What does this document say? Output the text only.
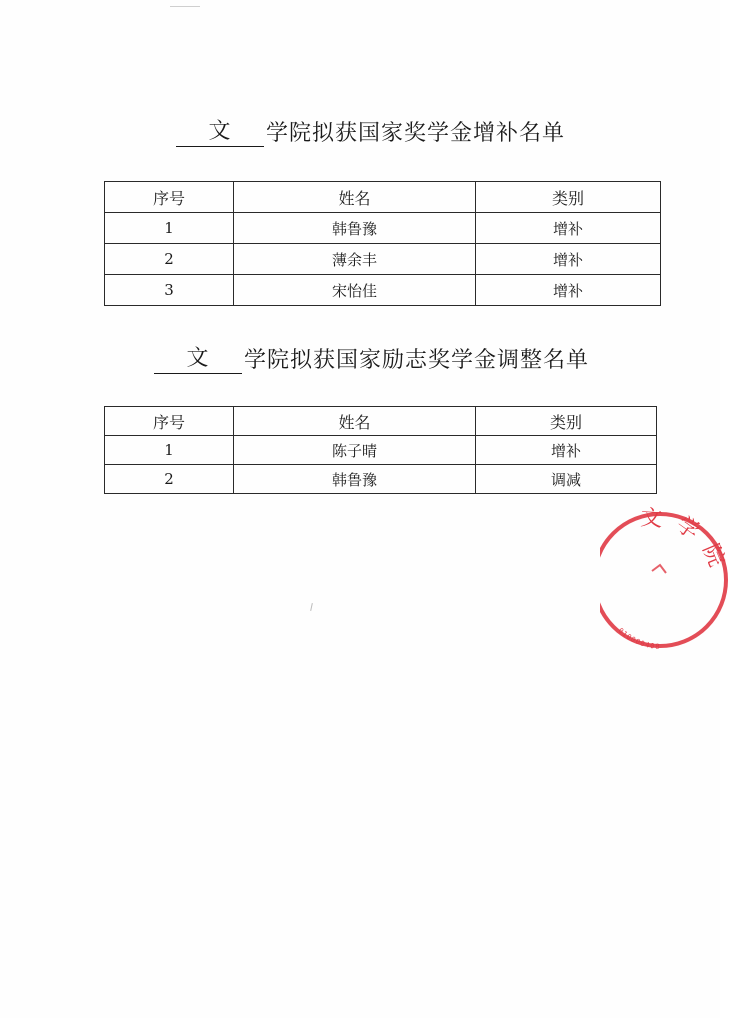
文	学院拟获国家奖学金增补名单
序号	姓名	类别
1	韩鲁豫	增补
2	薄余丰	增补
3	宋怡佳	增补
文	学院拟获国家励志奖学金调整名单
序号	姓名	类别
1	陈子晴	增补
2	韩鲁豫	调减
文学院
010000408
